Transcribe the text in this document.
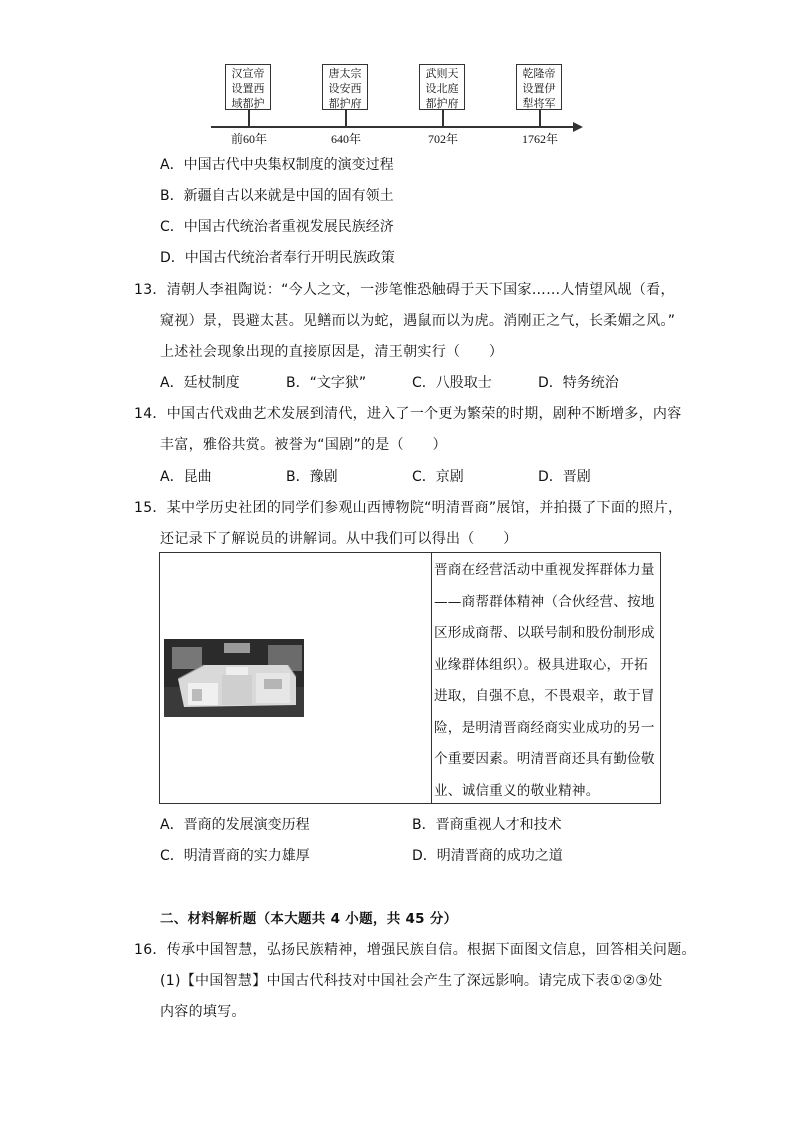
汉宣帝
设置西
域都护
唐太宗
设安西
都护府
武则天
设北庭
都护府
乾隆帝
设置伊
犁将军
前60年	640年	702年	1762年
A．中国古代中央集权制度的演变过程
B．新疆自古以来就是中国的固有领土
C．中国古代统治者重视发展民族经济
D．中国古代统治者奉行开明民族政策
13．清朝人李祖陶说：“今人之文，一涉笔惟恐触碍于天下国家……人情望风觇（看，
窥视）景，畏避太甚。见鳝而以为蛇，遇鼠而以为虎。消刚正之气，长柔媚之风。”
上述社会现象出现的直接原因是，清王朝实行（　　）
A．廷杖制度	B．“文字狱”	C．八股取士	D．特务统治
14．中国古代戏曲艺术发展到清代，进入了一个更为繁荣的时期，剧种不断增多，内容
丰富，雅俗共赏。被誉为“国剧”的是（　　）
A．昆曲	B．豫剧	C．京剧	D．晋剧
15．某中学历史社团的同学们参观山西博物院“明清晋商”展馆，并拍摄了下面的照片，
还记录下了解说员的讲解词。从中我们可以得出（　　）
晋商在经营活动中重视发挥群体力量
——商帮群体精神（合伙经营、按地
区形成商帮、以联号制和股份制形成
业缘群体组织）。极具进取心，开拓
进取，自强不息，不畏艰辛，敢于冒
险，是明清晋商经商实业成功的另一
个重要因素。明清晋商还具有勤俭敬
业、诚信重义的敬业精神。
A．晋商的发展演变历程	B．晋商重视人才和技术
C．明清晋商的实力雄厚	D．明清晋商的成功之道
二、材料解析题（本大题共 4 小题，共 45 分）
16．传承中国智慧，弘扬民族精神，增强民族自信。根据下面图文信息，回答相关问题。
(1)【中国智慧】中国古代科技对中国社会产生了深远影响。请完成下表①②③处
内容的填写。
